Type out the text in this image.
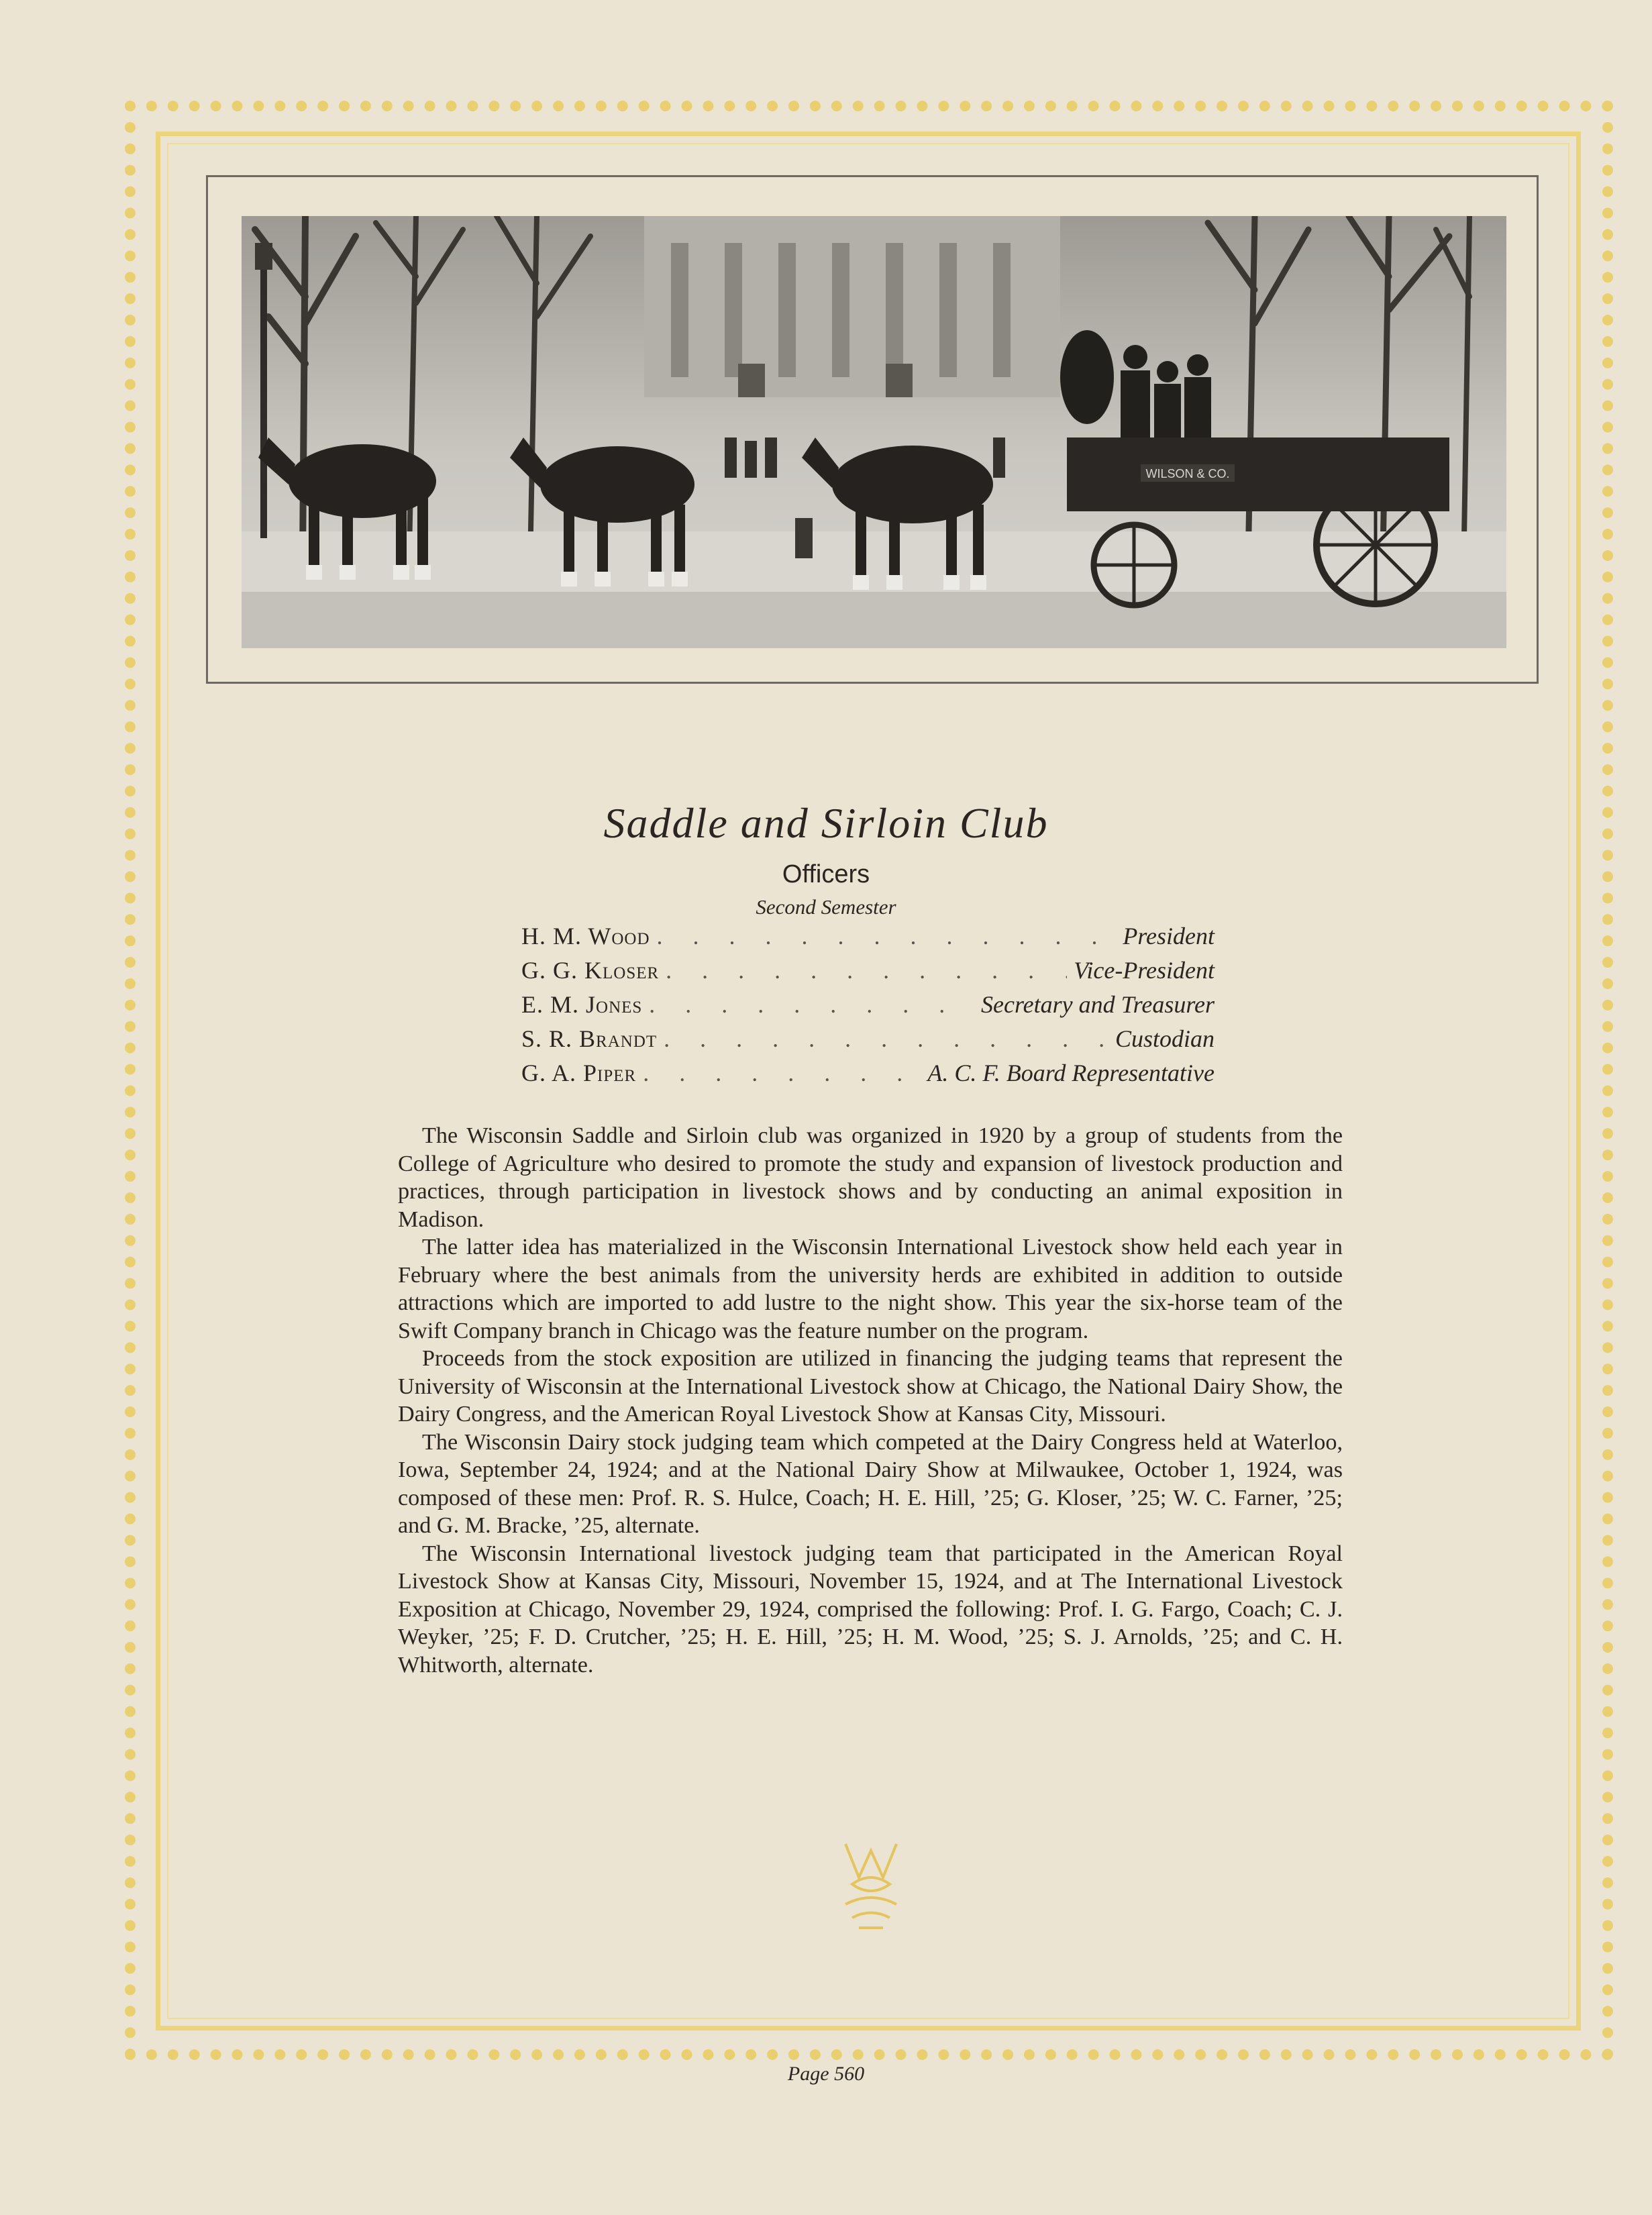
WILSON & CO.
Saddle and Sirloin Club
Officers
Second Semester
H. M. Wood . . .	President
G. G. Kloser . . .	Vice-President
E. M. Jones . . .	Secretary and Treasurer
S. R. Brandt . . .	Custodian
G. A. Piper . . .	A. C. F. Board Representative

The Wisconsin Saddle and Sirloin club was organized in 1920 by a group of students from the College of Agriculture who desired to promote the study and expansion of livestock production and practices, through participation in livestock shows and by conducting an animal exposition in Madison.

The latter idea has materialized in the Wisconsin International Livestock show held each year in February where the best animals from the university herds are exhibited in addition to outside attractions which are imported to add lustre to the night show. This year the six-horse team of the Swift Company branch in Chicago was the feature number on the program.

Proceeds from the stock exposition are utilized in financing the judging teams that represent the University of Wisconsin at the International Livestock show at Chicago, the National Dairy Show, the Dairy Congress, and the American Royal Livestock Show at Kansas City, Missouri.

The Wisconsin Dairy stock judging team which competed at the Dairy Congress held at Waterloo, Iowa, September 24, 1924; and at the National Dairy Show at Milwaukee, October 1, 1924, was composed of these men: Prof. R. S. Hulce, Coach; H. E. Hill, ’25; G. Kloser, ’25; W. C. Farner, ’25; and G. M. Bracke, ’25, alternate.

The Wisconsin International livestock judging team that participated in the American Royal Livestock Show at Kansas City, Missouri, November 15, 1924, and at The International Livestock Exposition at Chicago, November 29, 1924, comprised the following: Prof. I. G. Fargo, Coach; C. J. Weyker, ’25; F. D. Crutcher, ’25; H. E. Hill, ’25; H. M. Wood, ’25; S. J. Arnolds, ’25; and C. H. Whitworth, alternate.

Page 560
